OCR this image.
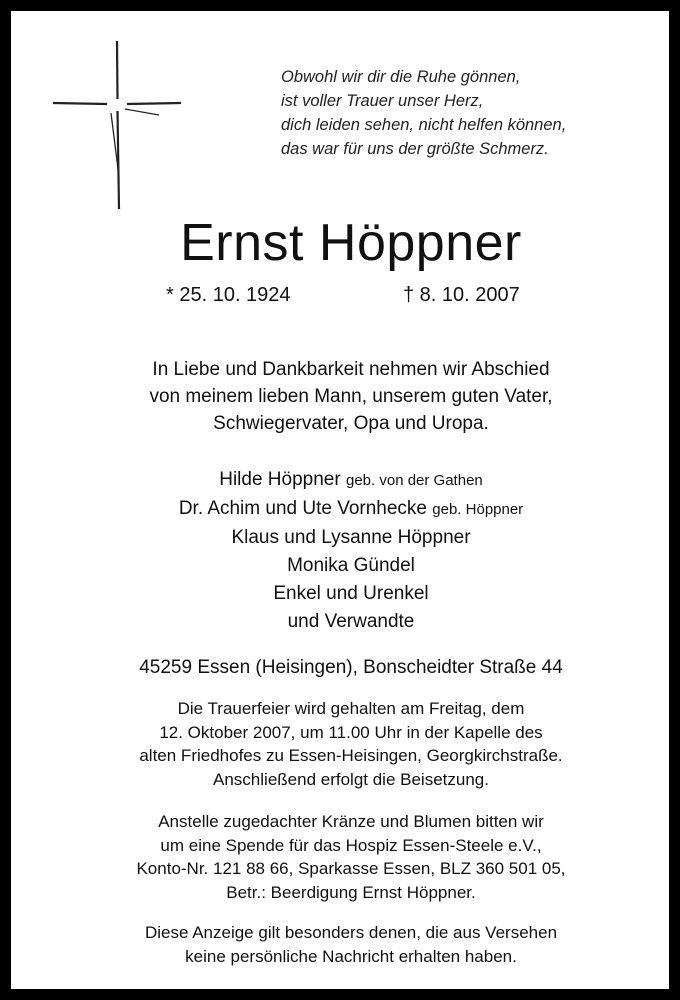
Obwohl wir dir die Ruhe gönnen,
ist voller Trauer unser Herz,
dich leiden sehen, nicht helfen können,
das war für uns der größte Schmerz.
Ernst Höppner
* 25. 10. 1924	† 8. 10. 2007
In Liebe und Dankbarkeit nehmen wir Abschied
von meinem lieben Mann, unserem guten Vater,
Schwiegervater, Opa und Uropa.
Hilde Höppner geb. von der Gathen
Dr. Achim und Ute Vornhecke geb. Höppner
Klaus und Lysanne Höppner
Monika Gündel
Enkel und Urenkel
und Verwandte
45259 Essen (Heisingen), Bonscheidter Straße 44
Die Trauerfeier wird gehalten am Freitag, dem
12. Oktober 2007, um 11.00 Uhr in der Kapelle des
alten Friedhofes zu Essen-Heisingen, Georgkirchstraße.
Anschließend erfolgt die Beisetzung.
Anstelle zugedachter Kränze und Blumen bitten wir
um eine Spende für das Hospiz Essen-Steele e.V.,
Konto-Nr. 121 88 66, Sparkasse Essen, BLZ 360 501 05,
Betr.: Beerdigung Ernst Höppner.
Diese Anzeige gilt besonders denen, die aus Versehen
keine persönliche Nachricht erhalten haben.
